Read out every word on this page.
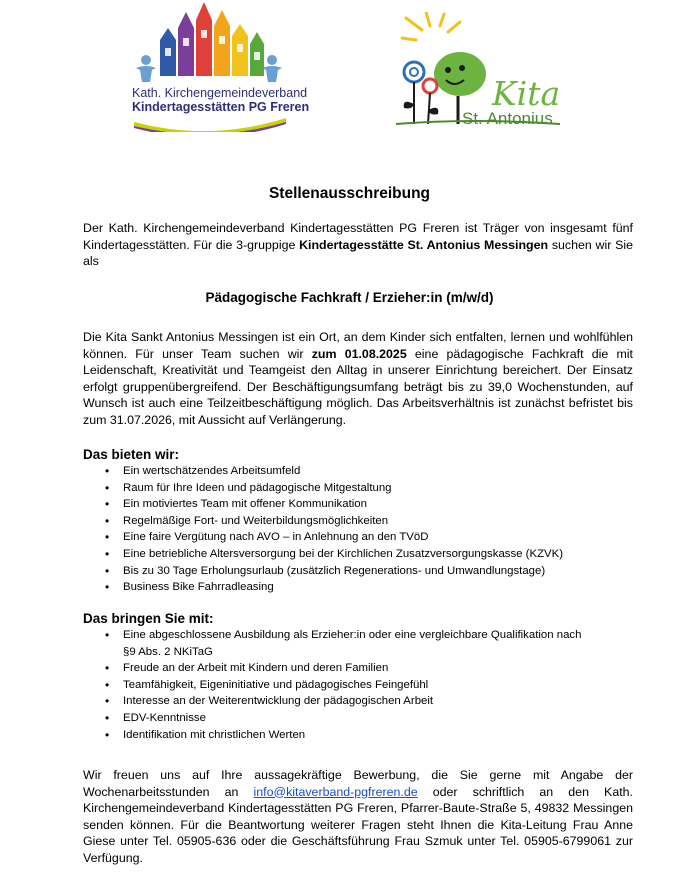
Kath. Kirchengemeindeverband
Kindertagesstätten PG Freren	Kita
St. Antonius
Stellenausschreibung
Der Kath. Kirchengemeindeverband Kindertagesstätten PG Freren ist Träger von insgesamt fünf Kindertagesstätten. Für die 3-gruppige Kindertagesstätte St. Antonius Messingen suchen wir Sie als
Pädagogische Fachkraft / Erzieher:in (m/w/d)
Die Kita Sankt Antonius Messingen ist ein Ort, an dem Kinder sich entfalten, lernen und wohlfühlen können. Für unser Team suchen wir zum 01.08.2025 eine pädagogische Fachkraft die mit Leidenschaft, Kreativität und Teamgeist den Alltag in unserer Einrichtung bereichert. Der Einsatz erfolgt gruppenübergreifend. Der Beschäftigungsumfang beträgt bis zu 39,0 Wochenstunden, auf Wunsch ist auch eine Teilzeitbeschäftigung möglich. Das Arbeitsverhältnis ist zunächst befristet bis zum 31.07.2026, mit Aussicht auf Verlängerung.
Das bieten wir:
• Ein wertschätzendes Arbeitsumfeld
• Raum für Ihre Ideen und pädagogische Mitgestaltung
• Ein motiviertes Team mit offener Kommunikation
• Regelmäßige Fort- und Weiterbildungsmöglichkeiten
• Eine faire Vergütung nach AVO – in Anlehnung an den TVöD
• Eine betriebliche Altersversorgung bei der Kirchlichen Zusatzversorgungskasse (KZVK)
• Bis zu 30 Tage Erholungsurlaub (zusätzlich Regenerations- und Umwandlungstage)
• Business Bike Fahrradleasing
Das bringen Sie mit:
• Eine abgeschlossene Ausbildung als Erzieher:in oder eine vergleichbare Qualifikation nach
§9 Abs. 2 NKiTaG
• Freude an der Arbeit mit Kindern und deren Familien
• Teamfähigkeit, Eigeninitiative und pädagogisches Feingefühl
• Interesse an der Weiterentwicklung der pädagogischen Arbeit
• EDV-Kenntnisse
• Identifikation mit christlichen Werten
Wir freuen uns auf Ihre aussagekräftige Bewerbung, die Sie gerne mit Angabe der Wochenarbeitsstunden an info@kitaverband-pgfreren.de oder schriftlich an den Kath. Kirchengemeindeverband Kindertagesstätten PG Freren, Pfarrer-Baute-Straße 5, 49832 Messingen senden können. Für die Beantwortung weiterer Fragen steht Ihnen die Kita-Leitung Frau Anne Giese unter Tel. 05905-636 oder die Geschäftsführung Frau Szmuk unter Tel. 05905-6799061 zur Verfügung.
